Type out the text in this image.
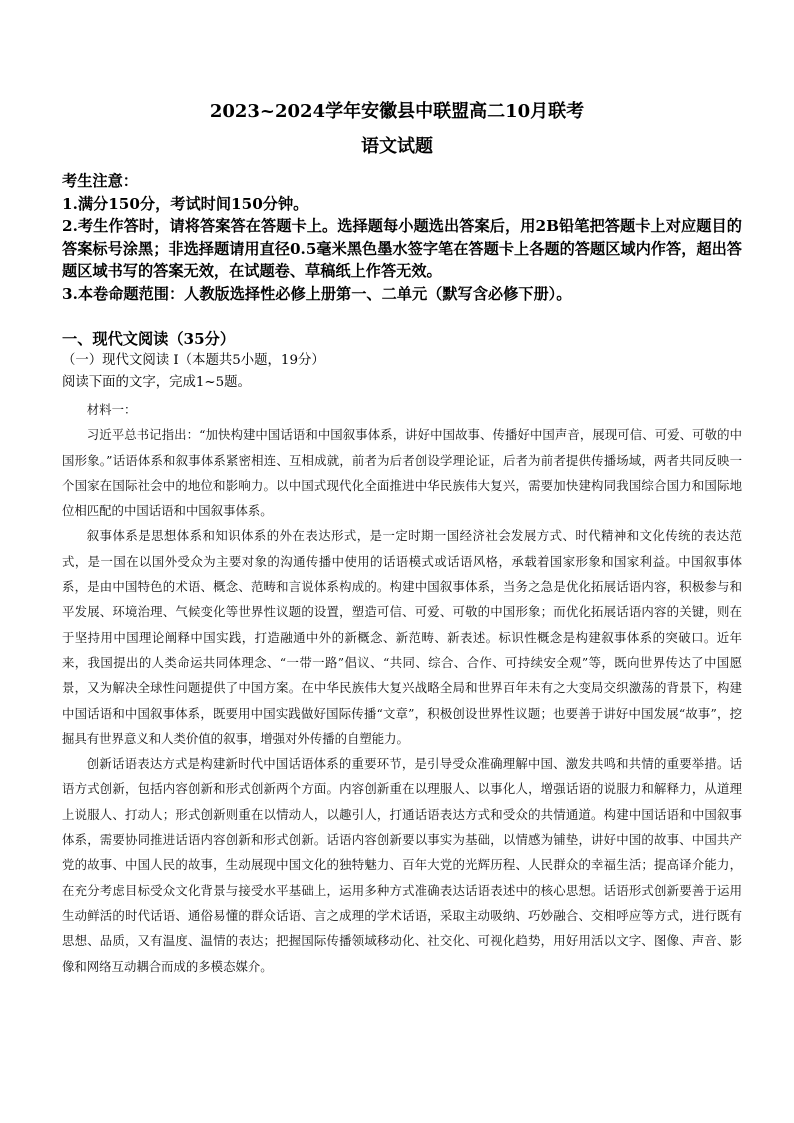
2023~2024学年安徽县中联盟高二10月联考
语文试题

考生注意：

1.满分150分，考试时间150分钟。

2.考生作答时，请将答案答在答题卡上。选择题每小题选出答案后，用2B铅笔把答题卡上对应题目的答案标号涂黑；非选择题请用直径0.5毫米黑色墨水签字笔在答题卡上各题的答题区域内作答，超出答题区域书写的答案无效，在试题卷、草稿纸上作答无效。

3.本卷命题范围：人教版选择性必修上册第一、二单元（默写含必修下册）。

一、现代文阅读（35分）

（一）现代文阅读 I（本题共5小题，19分）

阅读下面的文字，完成1~5题。

材料一：

习近平总书记指出：“加快构建中国话语和中国叙事体系，讲好中国故事、传播好中国声音，展现可信、可爱、可敬的中国形象。”话语体系和叙事体系紧密相连、互相成就，前者为后者创设学理论证，后者为前者提供传播场域，两者共同反映一个国家在国际社会中的地位和影响力。以中国式现代化全面推进中华民族伟大复兴，需要加快建构同我国综合国力和国际地位相匹配的中国话语和中国叙事体系。

叙事体系是思想体系和知识体系的外在表达形式，是一定时期一国经济社会发展方式、时代精神和文化传统的表达范式，是一国在以国外受众为主要对象的沟通传播中使用的话语模式或话语风格，承载着国家形象和国家利益。中国叙事体系，是由中国特色的术语、概念、范畴和言说体系构成的。构建中国叙事体系，当务之急是优化拓展话语内容，积极参与和平发展、环境治理、气候变化等世界性议题的设置，塑造可信、可爱、可敬的中国形象；而优化拓展话语内容的关键，则在于坚持用中国理论阐释中国实践，打造融通中外的新概念、新范畴、新表述。标识性概念是构建叙事体系的突破口。近年来，我国提出的人类命运共同体理念、“一带一路”倡议、“共同、综合、合作、可持续安全观”等，既向世界传达了中国愿景，又为解决全球性问题提供了中国方案。在中华民族伟大复兴战略全局和世界百年未有之大变局交织激荡的背景下，构建中国话语和中国叙事体系，既要用中国实践做好国际传播“文章”，积极创设世界性议题；也要善于讲好中国发展“故事”，挖掘具有世界意义和人类价值的叙事，增强对外传播的自塑能力。

创新话语表达方式是构建新时代中国话语体系的重要环节，是引导受众准确理解中国、激发共鸣和共情的重要举措。话语方式创新，包括内容创新和形式创新两个方面。内容创新重在以理服人、以事化人，增强话语的说服力和解释力，从道理上说服人、打动人；形式创新则重在以情动人，以趣引人，打通话语表达方式和受众的共情通道。构建中国话语和中国叙事体系，需要协同推进话语内容创新和形式创新。话语内容创新要以事实为基础，以情感为铺垫，讲好中国的故事、中国共产党的故事、中国人民的故事，生动展现中国文化的独特魅力、百年大党的光辉历程、人民群众的幸福生活；提高译介能力，在充分考虑目标受众文化背景与接受水平基础上，运用多种方式准确表达话语表述中的核心思想。话语形式创新要善于运用生动鲜活的时代话语、通俗易懂的群众话语、言之成理的学术话语，采取主动吸纳、巧妙融合、交相呼应等方式，进行既有思想、品质，又有温度、温情的表达；把握国际传播领域移动化、社交化、可视化趋势，用好用活以文字、图像、声音、影像和网络互动耦合而成的多模态媒介。
